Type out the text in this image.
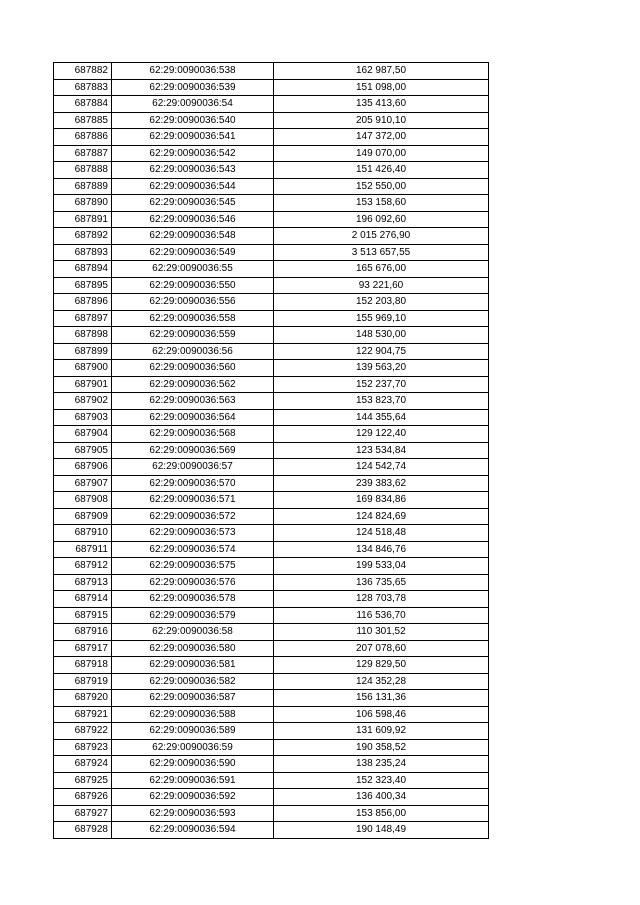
687882	62:29:0090036:538	162 987,50
687883	62:29:0090036:539	151 098,00
687884	62:29:0090036:54	135 413,60
687885	62:29:0090036:540	205 910,10
687886	62:29:0090036:541	147 372,00
687887	62:29:0090036:542	149 070,00
687888	62:29:0090036:543	151 426,40
687889	62:29:0090036:544	152 550,00
687890	62:29:0090036:545	153 158,60
687891	62:29:0090036:546	196 092,60
687892	62:29:0090036:548	2 015 276,90
687893	62:29:0090036:549	3 513 657,55
687894	62:29:0090036:55	165 676,00
687895	62:29:0090036:550	93 221,60
687896	62:29:0090036:556	152 203,80
687897	62:29:0090036:558	155 969,10
687898	62:29:0090036:559	148 530,00
687899	62:29:0090036:56	122 904,75
687900	62:29:0090036:560	139 563,20
687901	62:29:0090036:562	152 237,70
687902	62:29:0090036:563	153 823,70
687903	62:29:0090036:564	144 355,64
687904	62:29:0090036:568	129 122,40
687905	62:29:0090036:569	123 534,84
687906	62:29:0090036:57	124 542,74
687907	62:29:0090036:570	239 383,62
687908	62:29:0090036:571	169 834,86
687909	62:29:0090036:572	124 824,69
687910	62:29:0090036:573	124 518,48
687911	62:29:0090036:574	134 846,76
687912	62:29:0090036:575	199 533,04
687913	62:29:0090036:576	136 735,65
687914	62:29:0090036:578	128 703,78
687915	62:29:0090036:579	116 536,70
687916	62:29:0090036:58	110 301,52
687917	62:29:0090036:580	207 078,60
687918	62:29:0090036:581	129 829,50
687919	62:29:0090036:582	124 352,28
687920	62:29:0090036:587	156 131,36
687921	62:29:0090036:588	106 598,46
687922	62:29:0090036:589	131 609,92
687923	62:29:0090036:59	190 358,52
687924	62:29:0090036:590	138 235,24
687925	62:29:0090036:591	152 323,40
687926	62:29:0090036:592	136 400,34
687927	62:29:0090036:593	153 856,00
687928	62:29:0090036:594	190 148,49
